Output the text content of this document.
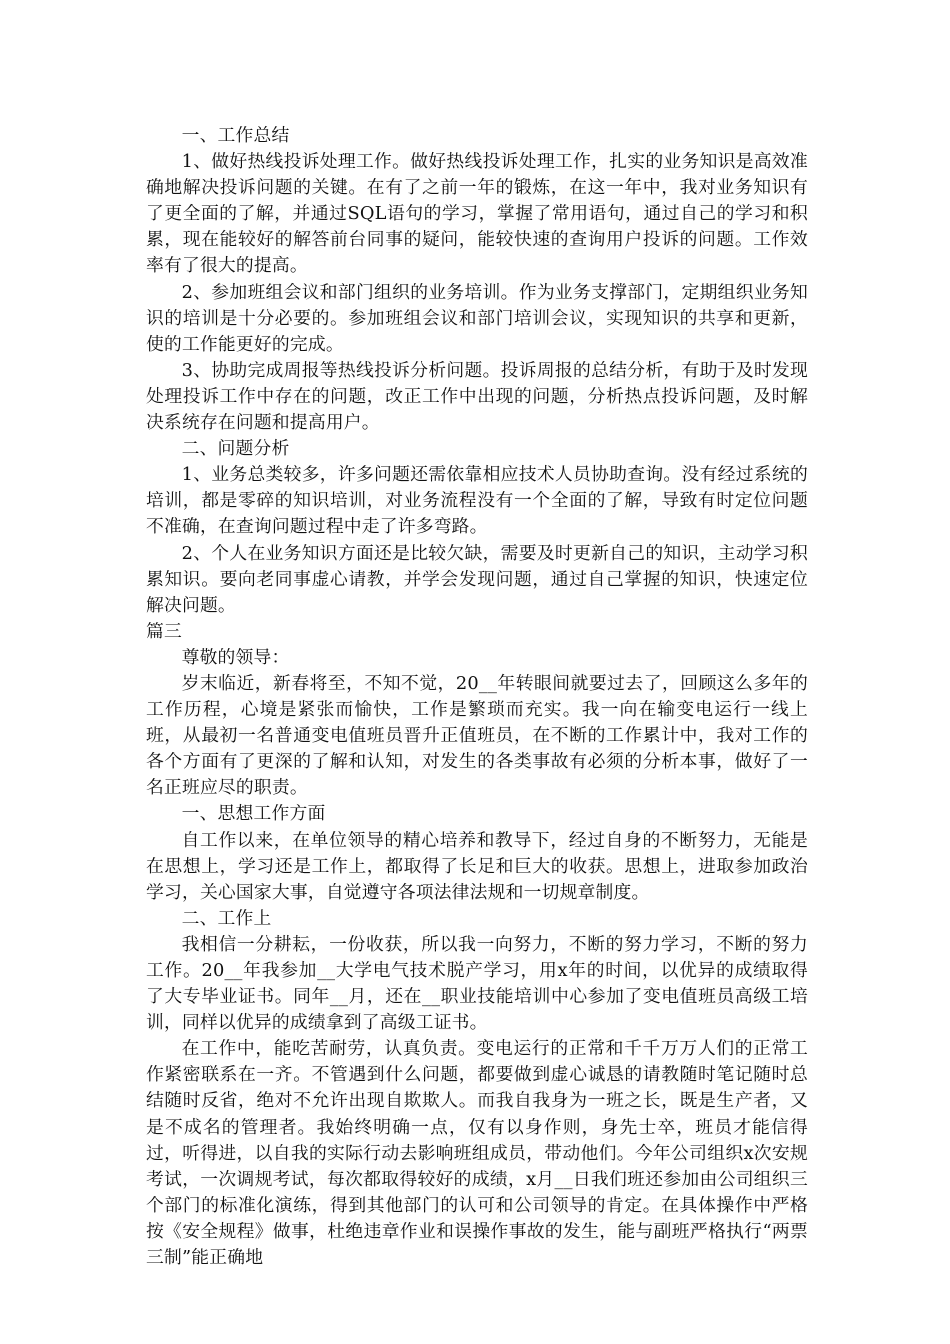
一、工作总结

1、做好热线投诉处理工作。做好热线投诉处理工作，扎实的业务知识是高效准确地解决投诉问题的关键。在有了之前一年的锻炼，在这一年中，我对业务知识有了更全面的了解，并通过SQL语句的学习，掌握了常用语句，通过自己的学习和积累，现在能较好的解答前台同事的疑问，能较快速的查询用户投诉的问题。工作效率有了很大的提高。

2、参加班组会议和部门组织的业务培训。作为业务支撑部门，定期组织业务知识的培训是十分必要的。参加班组会议和部门培训会议，实现知识的共享和更新，使的工作能更好的完成。

3、协助完成周报等热线投诉分析问题。投诉周报的总结分析，有助于及时发现处理投诉工作中存在的问题，改正工作中出现的问题，分析热点投诉问题，及时解决系统存在问题和提高用户。

二、问题分析

1、业务总类较多，许多问题还需依靠相应技术人员协助查询。没有经过系统的培训，都是零碎的知识培训，对业务流程没有一个全面的了解，导致有时定位问题不准确，在查询问题过程中走了许多弯路。

2、个人在业务知识方面还是比较欠缺，需要及时更新自己的知识，主动学习积累知识。要向老同事虚心请教，并学会发现问题，通过自己掌握的知识，快速定位解决问题。

篇三

尊敬的领导：

岁末临近，新春将至，不知不觉，20__年转眼间就要过去了，回顾这么多年的工作历程，心境是紧张而愉快，工作是繁琐而充实。我一向在输变电运行一线上班，从最初一名普通变电值班员晋升正值班员，在不断的工作累计中，我对工作的各个方面有了更深的了解和认知，对发生的各类事故有必须的分析本事，做好了一名正班应尽的职责。

一、思想工作方面

自工作以来，在单位领导的精心培养和教导下，经过自身的不断努力，无能是在思想上，学习还是工作上，都取得了长足和巨大的收获。思想上，进取参加政治学习，关心国家大事，自觉遵守各项法律法规和一切规章制度。

二、工作上

我相信一分耕耘，一份收获，所以我一向努力，不断的努力学习，不断的努力工作。20__年我参加__大学电气技术脱产学习，用x年的时间，以优异的成绩取得了大专毕业证书。同年__月，还在__职业技能培训中心参加了变电值班员高级工培训，同样以优异的成绩拿到了高级工证书。

在工作中，能吃苦耐劳，认真负责。变电运行的正常和千千万万人们的正常工作紧密联系在一齐。不管遇到什么问题，都要做到虚心诚恳的请教随时笔记随时总结随时反省，绝对不允许出现自欺欺人。而我自我身为一班之长，既是生产者，又是不成名的管理者。我始终明确一点，仅有以身作则，身先士卒，班员才能信得过，听得进，以自我的实际行动去影响班组成员，带动他们。今年公司组织x次安规考试，一次调规考试，每次都取得较好的成绩，x月__日我们班还参加由公司组织三个部门的标准化演练，得到其他部门的认可和公司领导的肯定。在具体操作中严格按《安全规程》做事，杜绝违章作业和误操作事故的发生，能与副班严格执行“两票三制”能正确地
